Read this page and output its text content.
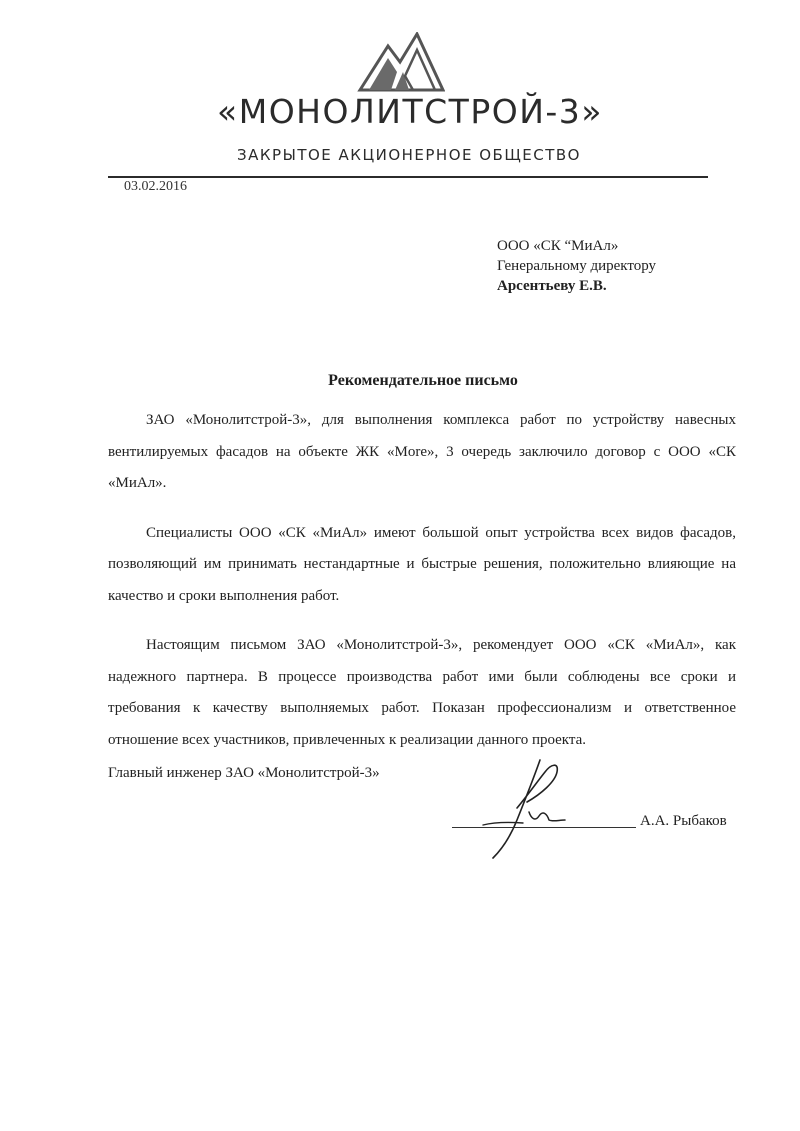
«МОНОЛИТСТРОЙ-3»
ЗАКРЫТОЕ АКЦИОНЕРНОЕ ОБЩЕСТВО
03.02.2016
ООО «СК “МиАл»
Генеральному директору
Арсентьеву Е.В.
Рекомендательное письмо

ЗАО «Монолитстрой-3», для выполнения комплекса работ по устройству навесных вентилируемых фасадов на объекте ЖК «More», 3 очередь заключило договор с ООО «СК «МиАл».

Специалисты ООО «СК «МиАл» имеют большой опыт устройства всех видов фасадов, позволяющий им принимать нестандартные и быстрые решения, положительно влияющие на качество и сроки выполнения работ.

Настоящим письмом ЗАО «Монолитстрой-3», рекомендует ООО «СК «МиАл», как надежного партнера. В процессе производства работ ими были соблюдены все сроки и требования к качеству выполняемых работ. Показан профессионализм и ответственное отношение всех участников, привлеченных к реализации данного проекта.

Главный инженер ЗАО «Монолитстрой-3»
А.А. Рыбаков
